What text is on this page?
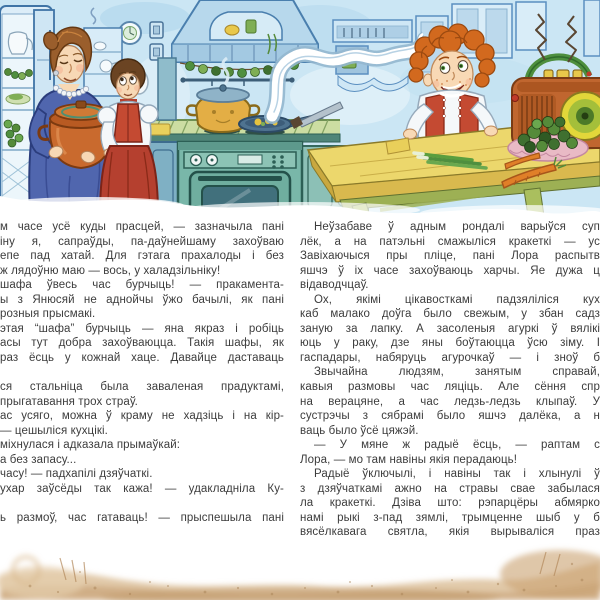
м часе усё куды прасцей, — зазначыла пані
іну я, сапраўды, па-даўнейшаму захоўваю
епе пад хатай. Для гэтага прахалоды і без
ж лядоўню маю — вось, у халадзільніку!
шафа ўвесь час бурчыць! — пракамента-
ы з Янюсяй не аднойчы ўжо бачылі, як пані
розныя прысмакі.
этая “шафа” бурчыць — яна якраз і робіць
асы тут добра захоўваюцца. Такія шафы, як
раз ёсць у кожнай хаце. Давайце даставаць

ся стальніца была заваленая прадуктамі,
прыгатавання трох страў.
ас усяго, можна ў краму не хадзіць і на кір-
— цешыліся кухцікі.
міхнулася і адказала прымаўкай:
а без запасу...
часу! — падхапілі дзяўчаткі.
ухар заўсёды так кажа! — удакладніла Ку-

ь размоў, час гатаваць! — прыспешыла пані
Неўзабаве ў адным рондалі варыўся суп
лёк, а на патэльні смажыліся кракеткі — ус
Завіхаючыся пры пліце, пані Лора распытв
яшчэ ў іх часе захоўваюць харчы. Яе дужа ц
відаводчцаў.
Ох, якімі цікавосткамі падзяліліся кух
каб малако доўга было свежым, у збан садз
заную за лапку. А засоленыя агуркі ў вялікі
юць у раку, дзе яны боўтаюцца ўсю зіму. І
гаспадары, набяруць агурочкаў — і зноў б
Звычайна людзям, занятым справай,
кавыя размовы час ляціць. Але сёння спр
на верацяне, а час ледзь-ледзь клыпаў. У
сустрэчы з сябрамі было яшчэ далёка, а н
ваць было ўсё цяжэй.
— У мяне ж радыё ёсць, — раптам с
Лора, — мо там навіны якія перадаюць!
Радыё ўключылі, і навіны так і хлынулі ў
з дзяўчаткамі ажно на стравы свае забылася
ла кракеткі. Дзіва што: рэпарцёры абмярко
намі рыкі з-пад зямлі, трымценне шыб у б
вясёлкавага святла, якія вырываліся праз
